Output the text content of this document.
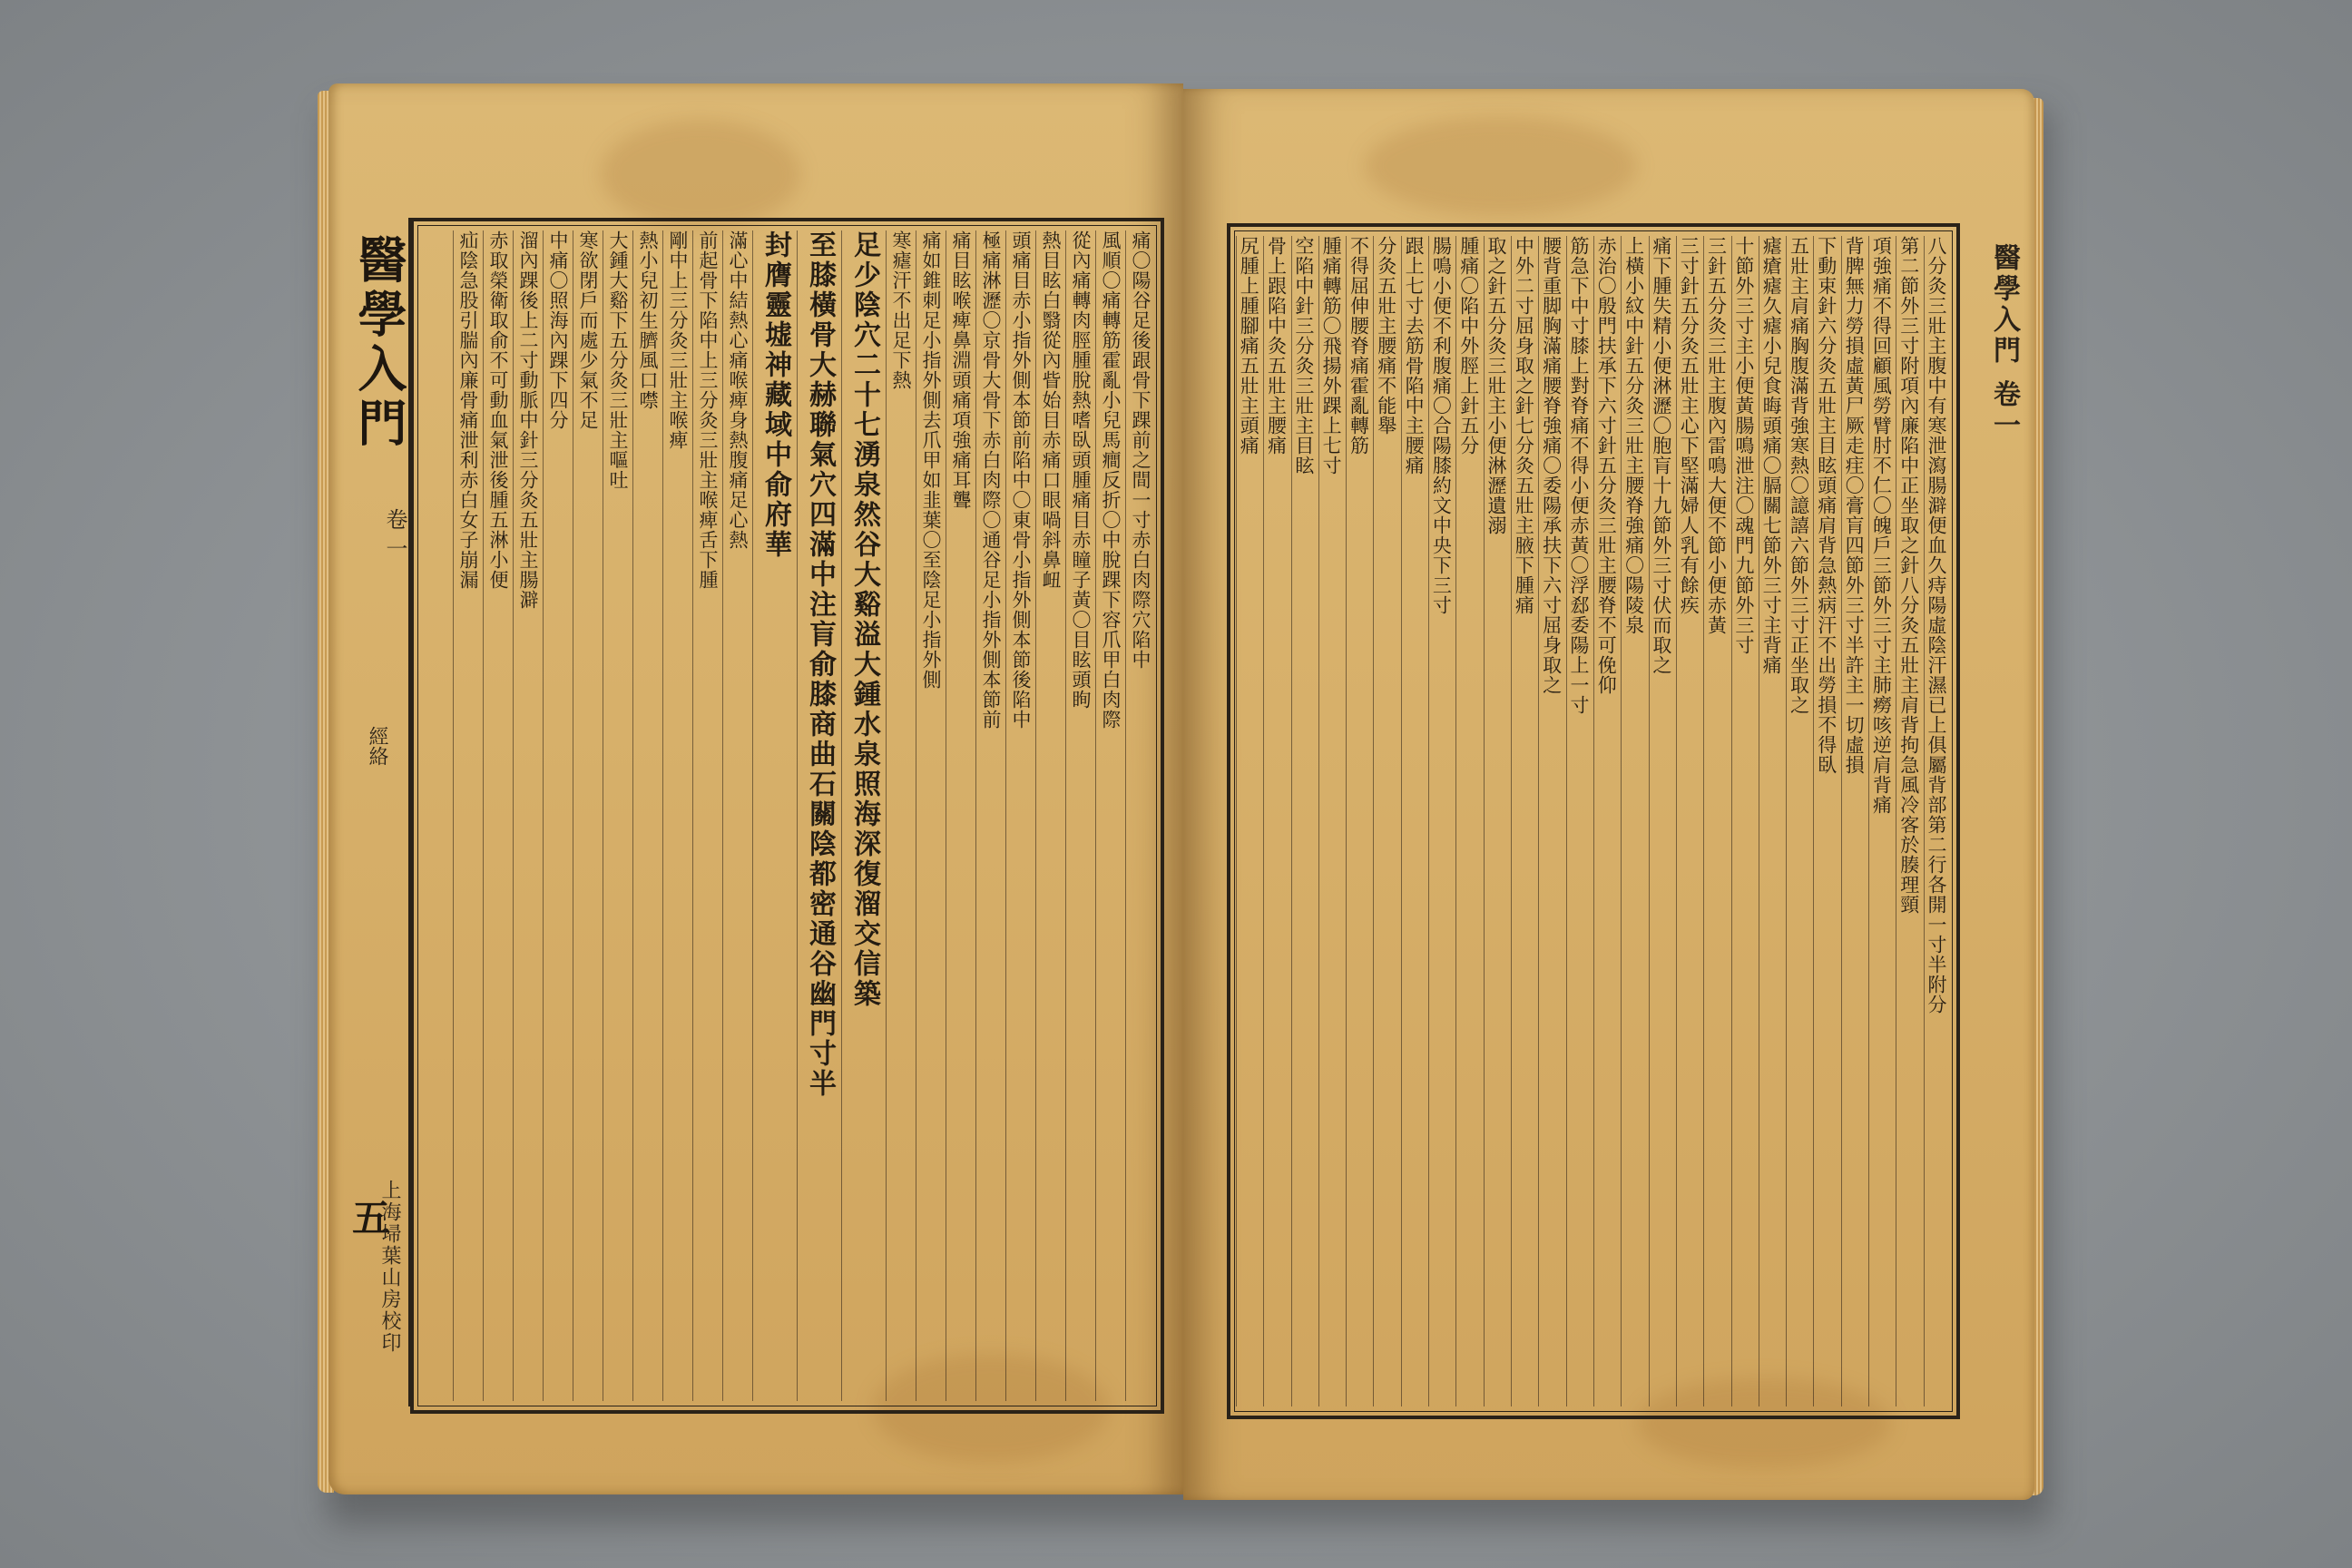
醫學入門
卷一
經絡
五
上海埽葉山房校印
痛〇陽谷足後跟骨下踝前之間一寸赤白肉際穴陷中
風順〇痛轉筋霍亂小兒馬癎反折〇中脫踝下容爪甲白肉際
從內痛轉肉脛腫脫熱嗜臥頭腫痛目赤瞳子黃〇目眩頭眴
熱目眩白翳從內眥始目赤痛口眼喎斜鼻衄
頭痛目赤小指外側本節前陷中〇東骨小指外側本節後陷中
極痛淋瀝〇京骨大骨下赤白肉際〇通谷足小指外側本節前
痛目眩喉痺鼻淵頭痛項強痛耳聾
痛如錐刺足小指外側去爪甲如韭葉〇至陰足小指外側
寒瘧汗不出足下熱
足少陰穴二十七湧泉然谷大谿溢大鍾水泉照海深復溜交信築
至膝橫骨大赫聯氣穴四滿中注肓俞膝商曲石關陰都密通谷幽門寸半
封膺靈墟神藏域中俞府華
滿心中結熱心痛喉痺身熱腹痛足心熱
前起骨下陷中上三分灸三壯主喉痺舌下腫
剛中上三分灸三壯主喉痺
熱小兒初生臍風口噤
大鍾大谿下五分灸三壯主嘔吐
寒欲閉戶而處少氣不足
中痛〇照海內踝下四分
溜內踝後上二寸動脈中針三分灸五壯主腸澼
赤取榮衛取俞不可動血氣泄後腫五淋小便
疝陰急股引腨內廉骨痛泄利赤白女子崩漏	八分灸三壯主腹中有寒泄瀉腸澼便血久痔陽虛陰汗濕已上俱屬背部第二行各開一寸半附分
第二節外三寸附項內廉陷中正坐取之針八分灸五壯主肩背拘急風冷客於腠理頸
項強痛不得回顧風勞臂肘不仁〇魄戶三節外三寸主肺癆咳逆肩背痛
背脾無力勞損虛黃尸厥走疰〇膏肓四節外三寸半許主一切虛損
下動束針六分灸五壯主目眩頭痛肩背急熱病汗不出勞損不得臥
五壯主肩痛胸腹滿背強寒熱〇譩譆六節外三寸正坐取之
瘧瘡瘧久瘧小兒食晦頭痛〇膈關七節外三寸主背痛
十節外三寸主小便黃腸鳴泄注〇魂門九節外三寸
三針五分灸三壯主腹內雷鳴大便不節小便赤黃
三寸針五分灸五壯主心下堅滿婦人乳有餘疾
痛下腫失精小便淋瀝〇胞肓十九節外三寸伏而取之
上橫小紋中針五分灸三壯主腰脊強痛〇陽陵泉
赤治〇殷門扶承下六寸針五分灸三壯主腰脊不可俛仰
筋急下中寸膝上對脊痛不得小便赤黃〇浮郄委陽上一寸
腰背重脚胸滿痛腰脊強痛〇委陽承扶下六寸屈身取之
中外二寸屈身取之針七分灸五壯主腋下腫痛
取之針五分灸三壯主小便淋瀝遺溺
腫痛〇陷中外脛上針五分
腸鳴小便不利腹痛〇合陽膝約文中央下三寸
跟上七寸去筋骨陷中主腰痛
分灸五壯主腰痛不能舉
不得屈伸腰脊痛霍亂轉筋
腫痛轉筋〇飛揚外踝上七寸
空陷中針三分灸三壯主目眩
骨上跟陷中灸五壯主腰痛
尻腫上腫腳痛五壯主頭痛	醫學入門 卷一
